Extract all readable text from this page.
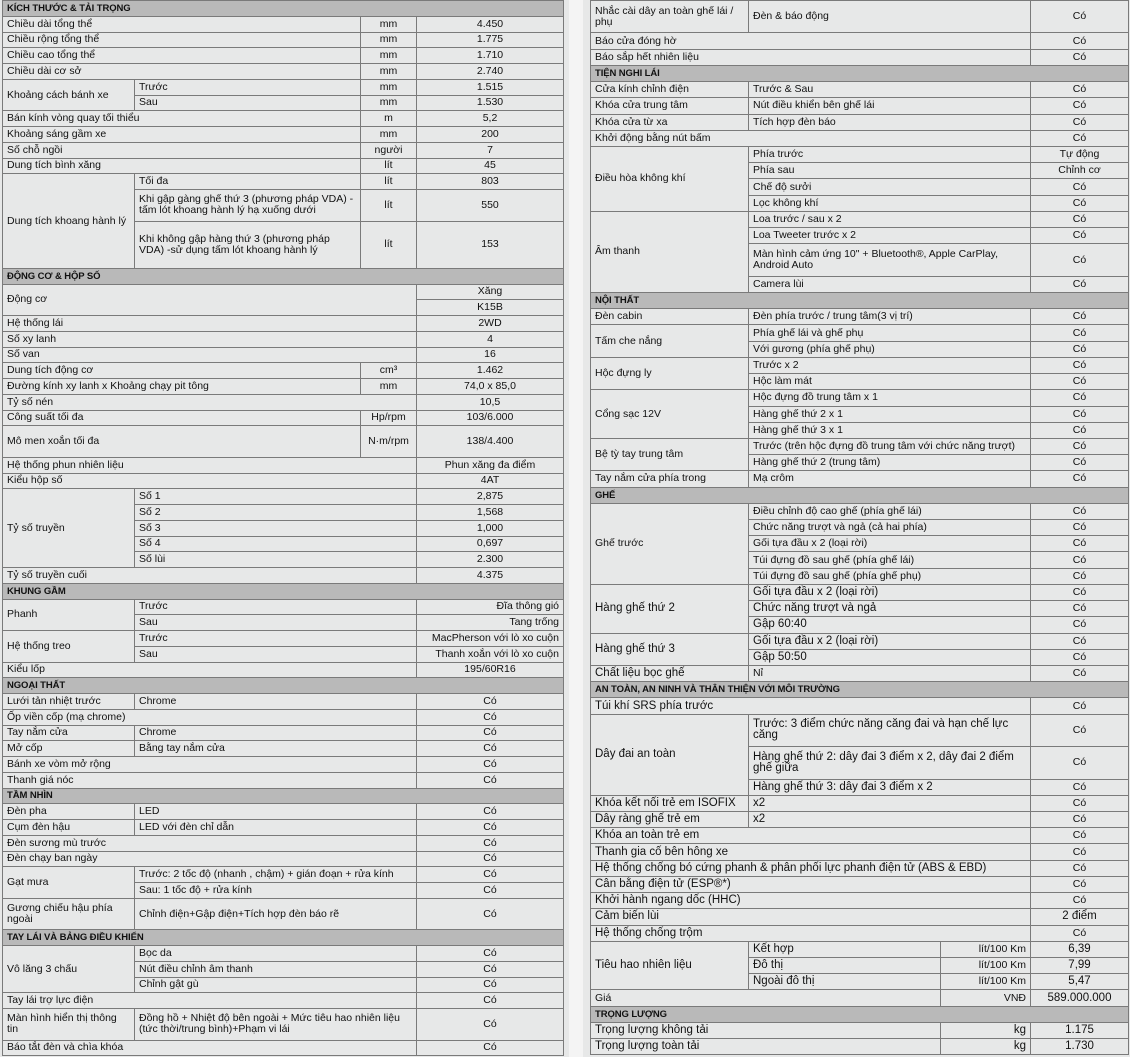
KÍCH THƯỚC & TẢI TRỌNG			
Chiều dài tổng thể		mm	4.450
Chiều rộng tổng thể		mm	1.775
Chiều cao tổng thể		mm	1.710
Chiều dài cơ sở		mm	2.740
Khoảng cách bánh xe	Trước	mm	1.515
	Sau	mm	1.530
Bán kính vòng quay tối thiểu		m	5,2
Khoảng sáng gầm xe		mm	200
Số chỗ ngồi		người	7
Dung tích bình xăng		lít	45
Dung tích khoang hành lý	Tối đa	lít	803
	Khi gập gàng ghế thứ 3 (phương pháp VDA) -tấm lót khoang hành lý hạ xuống dưới	lít	550
	Khi không gập hàng thứ 3 (phương pháp VDA) -sử dụng tấm lót khoang hành lý	lít	153
ĐỘNG CƠ & HỘP SỐ			
Động cơ			Xăng
			K15B
Hệ thống lái			2WD
Số xy lanh			4
Số van			16
Dung tích động cơ		cm³	1.462
Đường kính xy lanh x Khoảng chạy pit tông		mm	74,0 x 85,0
Tỷ số nén			10,5
Công suất tối đa		Hp/rpm	103/6.000
Mô men xoắn tối đa		N·m/rpm	138/4.400
Hệ thống phun nhiên liệu			Phun xăng đa điểm
Kiểu hộp số			4AT
Tỷ số truyền	Số 1		2,875
	Số 2		1,568
	Số 3		1,000
	Số 4		0,697
	Số lùi		2.300
Tỷ số truyền cuối			4.375
KHUNG GẦM			
Phanh	Trước		Đĩa thông gió
	Sau		Tang trống
Hệ thống treo	Trước		MacPherson với lò xo cuộn
	Sau		Thanh xoắn với lò xo cuộn
Kiểu lốp			195/60R16
NGOẠI THẤT			
Lưới tản nhiệt trước	Chrome		Có
Ốp viền cốp (mạ chrome)			Có
Tay nắm cửa	Chrome		Có
Mở cốp	Bằng tay nắm cửa		Có
Bánh xe vòm mở rộng			Có
Thanh giá nóc			Có
TẦM NHÌN			
Đèn pha	LED		Có
Cụm đèn hậu	LED với đèn chỉ dẫn		Có
Đèn sương mù trước			Có
Đèn chạy ban ngày			Có
Gạt mưa	Trước: 2 tốc độ (nhanh , chậm) + gián đoạn + rửa kính		Có
	Sau: 1 tốc độ + rửa kính		Có
Gương chiếu hậu phía ngoài	Chỉnh điện+Gập điện+Tích hợp đèn báo rẽ		Có
TAY LÁI VÀ BẢNG ĐIỀU KHIỂN			
Vô lăng 3 chấu	Bọc da		Có
	Nút điều chỉnh âm thanh		Có
	Chỉnh gật gù		Có
Tay lái trợ lực điện			Có
Màn hình hiển thị thông tin	Đồng hồ + Nhiệt độ bên ngoài + Mức tiêu hao nhiên liệu (tức thời/trung bình)+Phạm vi lái		Có
Báo tắt đèn và chìa khóa			Có
Nhắc cài dây an toàn ghế lái / phụ	Đèn & báo động		Có
Báo cửa đóng hờ			Có
Báo sắp hết nhiên liệu			Có
TIỆN NGHI LÁI			
Cửa kính chỉnh điện	Trước & Sau		Có
Khóa cửa trung tâm	Nút điều khiển bên ghế lái		Có
Khóa cửa từ xa	Tích hợp đèn báo		Có
Khởi động bằng nút bấm			Có
Điều hòa không khí	Phía trước		Tự động
	Phía sau		Chỉnh cơ
	Chế độ sưởi		Có
	Lọc không khí		Có
Âm thanh	Loa trước / sau x 2		Có
	Loa Tweeter trước x 2		Có
	Màn hình cảm ứng 10" + Bluetooth®, Apple CarPlay, Android Auto		Có
	Camera lùi		Có
NỘI THẤT			
Đèn cabin	Đèn phía trước / trung tâm(3 vị trí)		Có
Tấm che nắng	Phía ghế lái và ghế phụ		Có
	Với gương (phía ghế phụ)		Có
Hộc đựng ly	Trước x 2		Có
	Hộc làm mát		Có
Cổng sạc 12V	Hộc đựng đồ trung tâm x 1		Có
	Hàng ghế thứ 2 x 1		Có
	Hàng ghế thứ 3 x 1		Có
Bệ tỳ tay trung tâm	Trước (trên hộc đựng đồ trung tâm với chức năng trượt)		Có
	Hàng ghế thứ 2 (trung tâm)		Có
Tay nắm cửa phía trong	Mạ crôm		Có
GHẾ			
Ghế trước	Điều chỉnh độ cao ghế (phía ghế lái)		Có
	Chức năng trượt và ngả (cả hai phía)		Có
	Gối tựa đầu x 2 (loại rời)		Có
	Túi đựng đồ sau ghế (phía ghế lái)		Có
	Túi đựng đồ sau ghế (phía ghế phụ)		Có
Hàng ghế thứ 2	Gối tựa đầu x 2 (loại rời)		Có
	Chức năng trượt và ngả		Có
	Gập 60:40		Có
Hàng ghế thứ 3	Gối tựa đầu x 2 (loại rời)		Có
	Gập 50:50		Có
Chất liệu bọc ghế	Nỉ		Có
AN TOÀN, AN NINH VÀ THÂN THIỆN VỚI MÔI TRƯỜNG			
Túi khí SRS phía trước			Có
Dây đai an toàn	Trước: 3 điểm chức năng căng đai và hạn chế lực căng		Có
	Hàng ghế thứ 2: dây đai 3 điểm x 2, dây đai 2 điểm ghế giữa		Có
	Hàng ghế thứ 3: dây đai 3 điểm x 2		Có
Khóa kết nối trẻ em ISOFIX	x2		Có
Dây ràng ghế trẻ em	x2		Có
Khóa an toàn trẻ em			Có
Thanh gia cố bên hông xe			Có
Hệ thống chống bó cứng phanh & phân phối lực phanh điện tử (ABS & EBD)			Có
Cân bằng điện tử (ESP®*)			Có
Khởi hành ngang dốc (HHC)			Có
Cảm biến lùi			2 điểm
Hệ thống chống trộm			Có
Tiêu hao nhiên liệu	Kết hợp	lít/100 Km	6,39
	Đô thị	lít/100 Km	7,99
	Ngoài đô thị	lít/100 Km	5,47
Giá		VNĐ	589.000.000
TRỌNG LƯỢNG			
Trọng lượng không tải		kg	1.175
Trọng lượng toàn tải		kg	1.730
